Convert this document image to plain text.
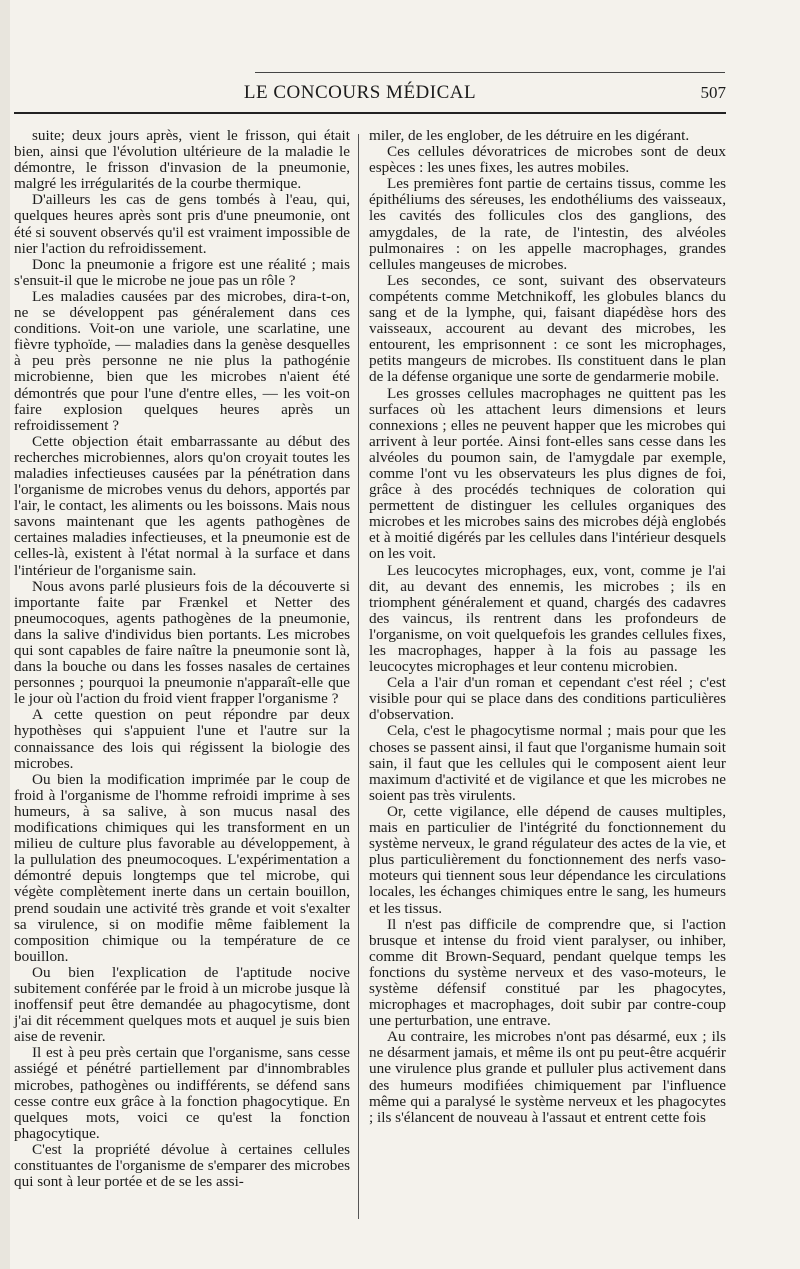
LE CONCOURS MÉDICAL	507

suite; deux jours après, vient le frisson, qui était bien, ainsi que l'évolution ultérieure de la maladie le démontre, le frisson d'invasion de la pneumonie, malgré les irrégularités de la courbe thermique.

D'ailleurs les cas de gens tombés à l'eau, qui, quelques heures après sont pris d'une pneumonie, ont été si souvent observés qu'il est vraiment impossible de nier l'action du refroidissement.

Donc la pneumonie a frigore est une réalité ; mais s'ensuit-il que le microbe ne joue pas un rôle ?

Les maladies causées par des microbes, dira-t-on, ne se développent pas généralement dans ces conditions. Voit-on une variole, une scarlatine, une fièvre typhoïde, — maladies dans la genèse desquelles à peu près personne ne nie plus la pathogénie microbienne, bien que les microbes n'aient été démontrés que pour l'une d'entre elles, — les voit-on faire explosion quelques heures après un refroidissement ?

Cette objection était embarrassante au début des recherches microbiennes, alors qu'on croyait toutes les maladies infectieuses causées par la pénétration dans l'organisme de microbes venus du dehors, apportés par l'air, le contact, les aliments ou les boissons. Mais nous savons maintenant que les agents pathogènes de certaines maladies infectieuses, et la pneumonie est de celles-là, existent à l'état normal à la surface et dans l'intérieur de l'organisme sain.

Nous avons parlé plusieurs fois de la découverte si importante faite par Frænkel et Netter des pneumocoques, agents pathogènes de la pneumonie, dans la salive d'individus bien portants. Les microbes qui sont capables de faire naître la pneumonie sont là, dans la bouche ou dans les fosses nasales de certaines personnes ; pourquoi la pneumonie n'apparaît-elle que le jour où l'action du froid vient frapper l'organisme ?

A cette question on peut répondre par deux hypothèses qui s'appuient l'une et l'autre sur la connaissance des lois qui régissent la biologie des microbes.

Ou bien la modification imprimée par le coup de froid à l'organisme de l'homme refroidi imprime à ses humeurs, à sa salive, à son mucus nasal des modifications chimiques qui les transforment en un milieu de culture plus favorable au développement, à la pullulation des pneumocoques. L'expérimentation a démontré depuis longtemps que tel microbe, qui végète complètement inerte dans un certain bouillon, prend soudain une activité très grande et voit s'exalter sa virulence, si on modifie même faiblement la composition chimique ou la température de ce bouillon.

Ou bien l'explication de l'aptitude nocive subitement conférée par le froid à un microbe jusque là inoffensif peut être demandée au phagocytisme, dont j'ai dit récemment quelques mots et auquel je suis bien aise de revenir.

Il est à peu près certain que l'organisme, sans cesse assiégé et pénétré partiellement par d'innombrables microbes, pathogènes ou indifférents, se défend sans cesse contre eux grâce à la fonction phagocytique. En quelques mots, voici ce qu'est la fonction phagocytique.

C'est la propriété dévolue à certaines cellules constituantes de l'organisme de s'emparer des microbes qui sont à leur portée et de se les assi-

miler, de les englober, de les détruire en les digérant.

Ces cellules dévoratrices de microbes sont de deux espèces : les unes fixes, les autres mobiles.

Les premières font partie de certains tissus, comme les épithéliums des séreuses, les endothéliums des vaisseaux, les cavités des follicules clos des ganglions, des amygdales, de la rate, de l'intestin, des alvéoles pulmonaires : on les appelle macrophages, grandes cellules mangeuses de microbes.

Les secondes, ce sont, suivant des observateurs compétents comme Metchnikoff, les globules blancs du sang et de la lymphe, qui, faisant diapédèse hors des vaisseaux, accourent au devant des microbes, les entourent, les emprisonnent : ce sont les microphages, petits mangeurs de microbes. Ils constituent dans le plan de la défense organique une sorte de gendarmerie mobile.

Les grosses cellules macrophages ne quittent pas les surfaces où les attachent leurs dimensions et leurs connexions ; elles ne peuvent happer que les microbes qui arrivent à leur portée. Ainsi font-elles sans cesse dans les alvéoles du poumon sain, de l'amygdale par exemple, comme l'ont vu les observateurs les plus dignes de foi, grâce à des procédés techniques de coloration qui permettent de distinguer les cellules organiques des microbes et les microbes sains des microbes déjà englobés et à moitié digérés par les cellules dans l'intérieur desquels on les voit.

Les leucocytes microphages, eux, vont, comme je l'ai dit, au devant des ennemis, les microbes ; ils en triomphent généralement et quand, chargés des cadavres des vaincus, ils rentrent dans les profondeurs de l'organisme, on voit quelquefois les grandes cellules fixes, les macrophages, happer à la fois au passage les leucocytes microphages et leur contenu microbien.

Cela a l'air d'un roman et cependant c'est réel ; c'est visible pour qui se place dans des conditions particulières d'observation.

Cela, c'est le phagocytisme normal ; mais pour que les choses se passent ainsi, il faut que l'organisme humain soit sain, il faut que les cellules qui le composent aient leur maximum d'activité et de vigilance et que les microbes ne soient pas très virulents.

Or, cette vigilance, elle dépend de causes multiples, mais en particulier de l'intégrité du fonctionnement du système nerveux, le grand régulateur des actes de la vie, et plus particulièrement du fonctionnement des nerfs vaso-moteurs qui tiennent sous leur dépendance les circulations locales, les échanges chimiques entre le sang, les humeurs et les tissus.

Il n'est pas difficile de comprendre que, si l'action brusque et intense du froid vient paralyser, ou inhiber, comme dit Brown-Sequard, pendant quelque temps les fonctions du système nerveux et des vaso-moteurs, le système défensif constitué par les phagocytes, microphages et macrophages, doit subir par contre-coup une perturbation, une entrave.

Au contraire, les microbes n'ont pas désarmé, eux ; ils ne désarment jamais, et même ils ont pu peut-être acquérir une virulence plus grande et pulluler plus activement dans des humeurs modifiées chimiquement par l'influence même qui a paralysé le système nerveux et les phagocytes ; ils s'élancent de nouveau à l'assaut et entrent cette fois
